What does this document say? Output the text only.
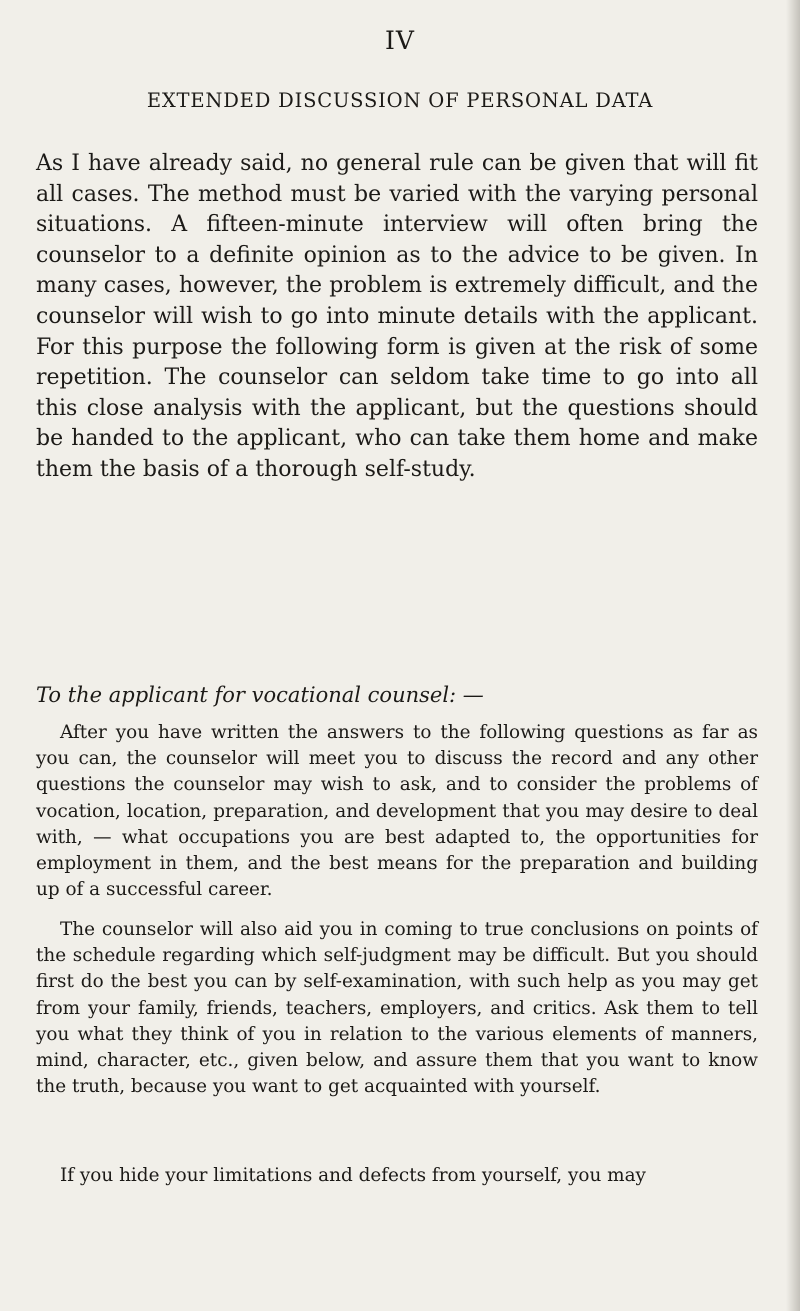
IV
EXTENDED DISCUSSION OF PERSONAL DATA

As I have already said, no general rule can be given that will fit all cases. The method must be varied with the varying personal situations. A fifteen-minute interview will often bring the counselor to a definite opinion as to the advice to be given. In many cases, however, the problem is extremely difficult, and the counselor will wish to go into minute details with the applicant. For this purpose the following form is given at the risk of some repetition. The counselor can seldom take time to go into all this close analysis with the applicant, but the questions should be handed to the applicant, who can take them home and make them the basis of a thorough self-study.

To the applicant for vocational counsel: —

After you have written the answers to the following questions as far as you can, the counselor will meet you to discuss the record and any other questions the counselor may wish to ask, and to consider the problems of vocation, location, preparation, and development that you may desire to deal with, — what occupations you are best adapted to, the opportunities for employment in them, and the best means for the preparation and building up of a successful career.

The counselor will also aid you in coming to true conclusions on points of the schedule regarding which self-judgment may be difficult. But you should first do the best you can by self-examination, with such help as you may get from your family, friends, teachers, employers, and critics. Ask them to tell you what they think of you in relation to the various elements of manners, mind, character, etc., given below, and assure them that you want to know the truth, because you want to get acquainted with yourself.

If you hide your limitations and defects from yourself, you may
